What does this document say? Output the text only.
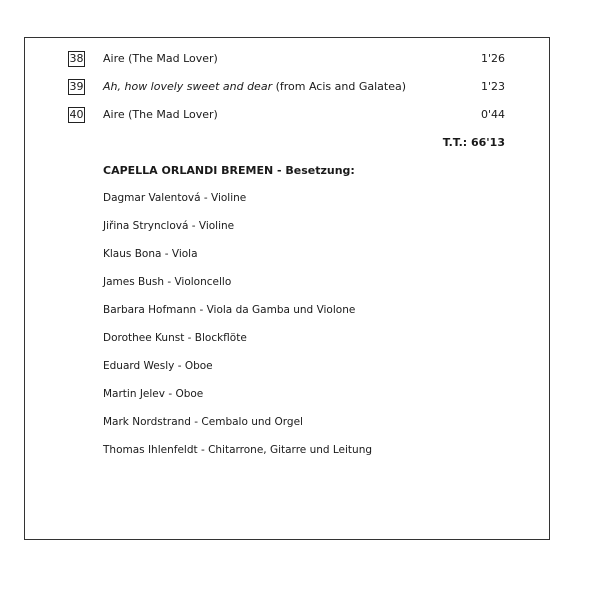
38 Aire (The Mad Lover)	1'26
39 Ah, how lovely sweet and dear (from Acis and Galatea)	1'23
40 Aire (The Mad Lover)	0'44
T.T.: 66'13
CAPELLA ORLANDI BREMEN - Besetzung:
Dagmar Valentová - Violine
Jiřina Strynclová - Violine
Klaus Bona - Viola
James Bush - Violoncello
Barbara Hofmann - Viola da Gamba und Violone
Dorothee Kunst - Blockflöte
Eduard Wesly - Oboe
Martin Jelev - Oboe
Mark Nordstrand - Cembalo und Orgel
Thomas Ihlenfeldt - Chitarrone, Gitarre und Leitung
